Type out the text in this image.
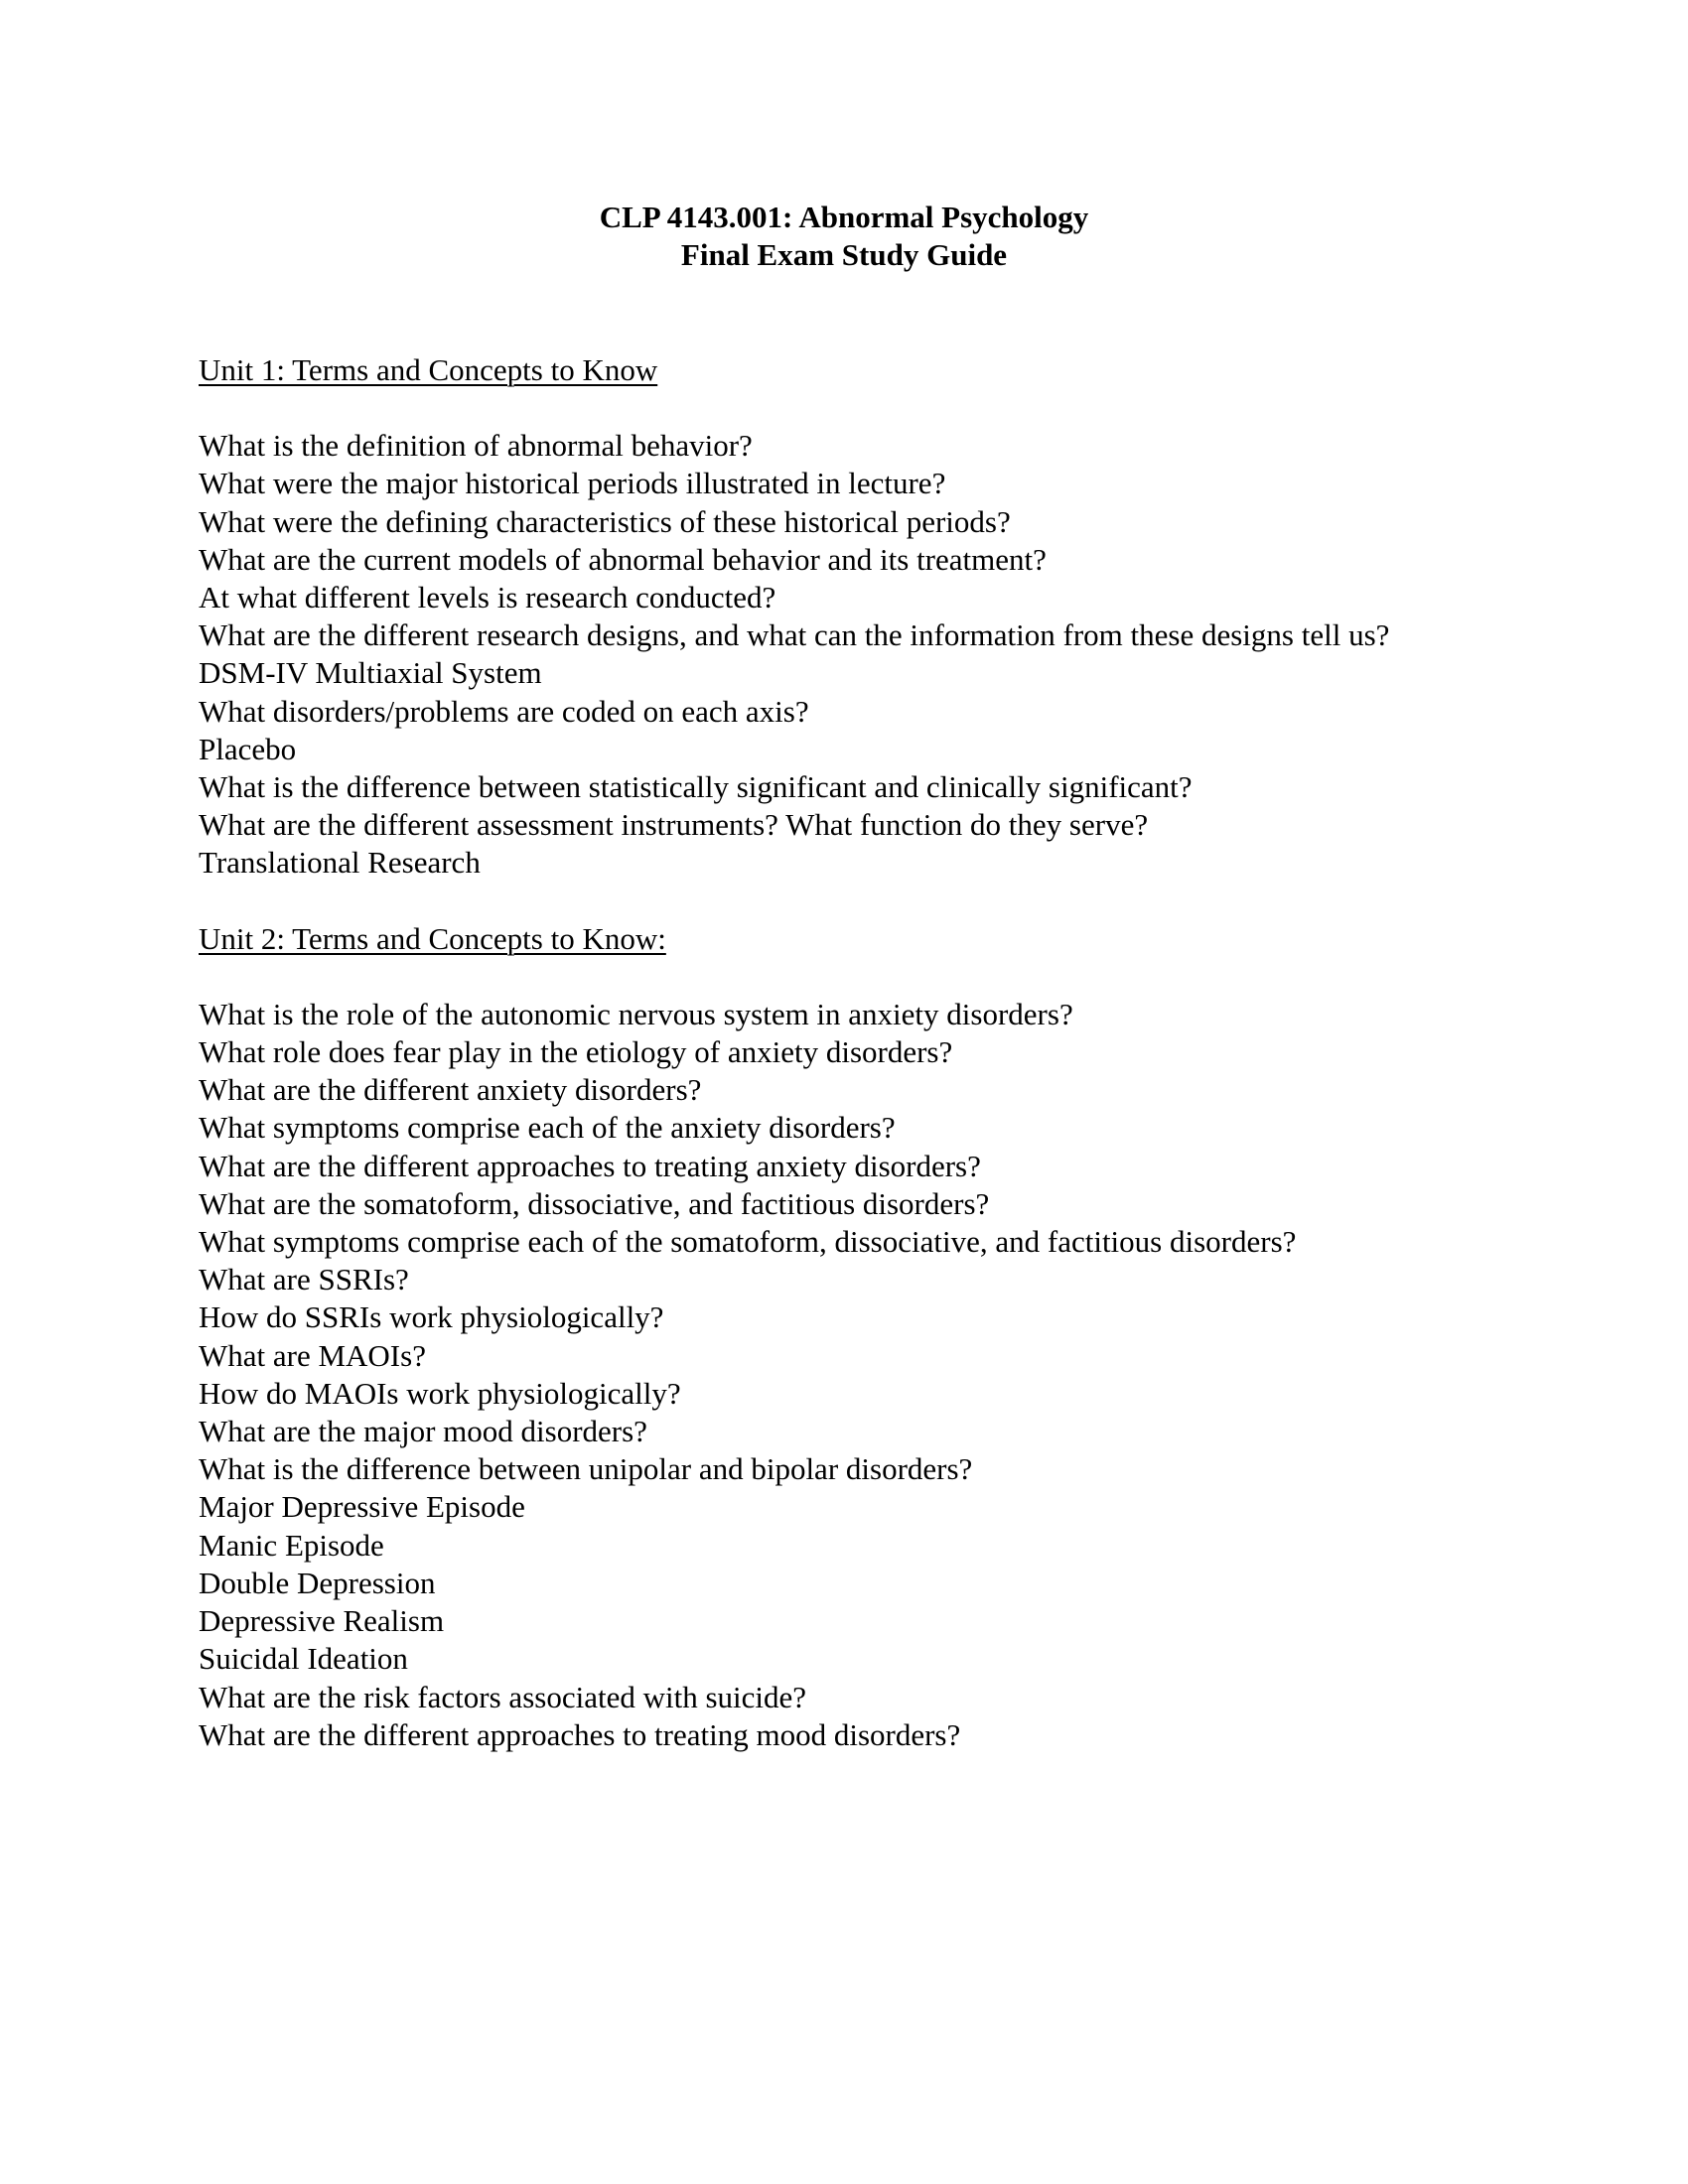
CLP 4143.001: Abnormal Psychology
Final Exam Study Guide
Unit 1: Terms and Concepts to Know
What is the definition of abnormal behavior?
What were the major historical periods illustrated in lecture?
What were the defining characteristics of these historical periods?
What are the current models of abnormal behavior and its treatment?
At what different levels is research conducted?
What are the different research designs, and what can the information from these designs tell us?
DSM-IV Multiaxial System
What disorders/problems are coded on each axis?
Placebo
What is the difference between statistically significant and clinically significant?
What are the different assessment instruments? What function do they serve?
Translational Research
Unit 2: Terms and Concepts to Know:
What is the role of the autonomic nervous system in anxiety disorders?
What role does fear play in the etiology of anxiety disorders?
What are the different anxiety disorders?
What symptoms comprise each of the anxiety disorders?
What are the different approaches to treating anxiety disorders?
What are the somatoform, dissociative, and factitious disorders?
What symptoms comprise each of the somatoform, dissociative, and factitious disorders?
What are SSRIs?
How do SSRIs work physiologically?
What are MAOIs?
How do MAOIs work physiologically?
What are the major mood disorders?
What is the difference between unipolar and bipolar disorders?
Major Depressive Episode
Manic Episode
Double Depression
Depressive Realism
Suicidal Ideation
What are the risk factors associated with suicide?
What are the different approaches to treating mood disorders?
